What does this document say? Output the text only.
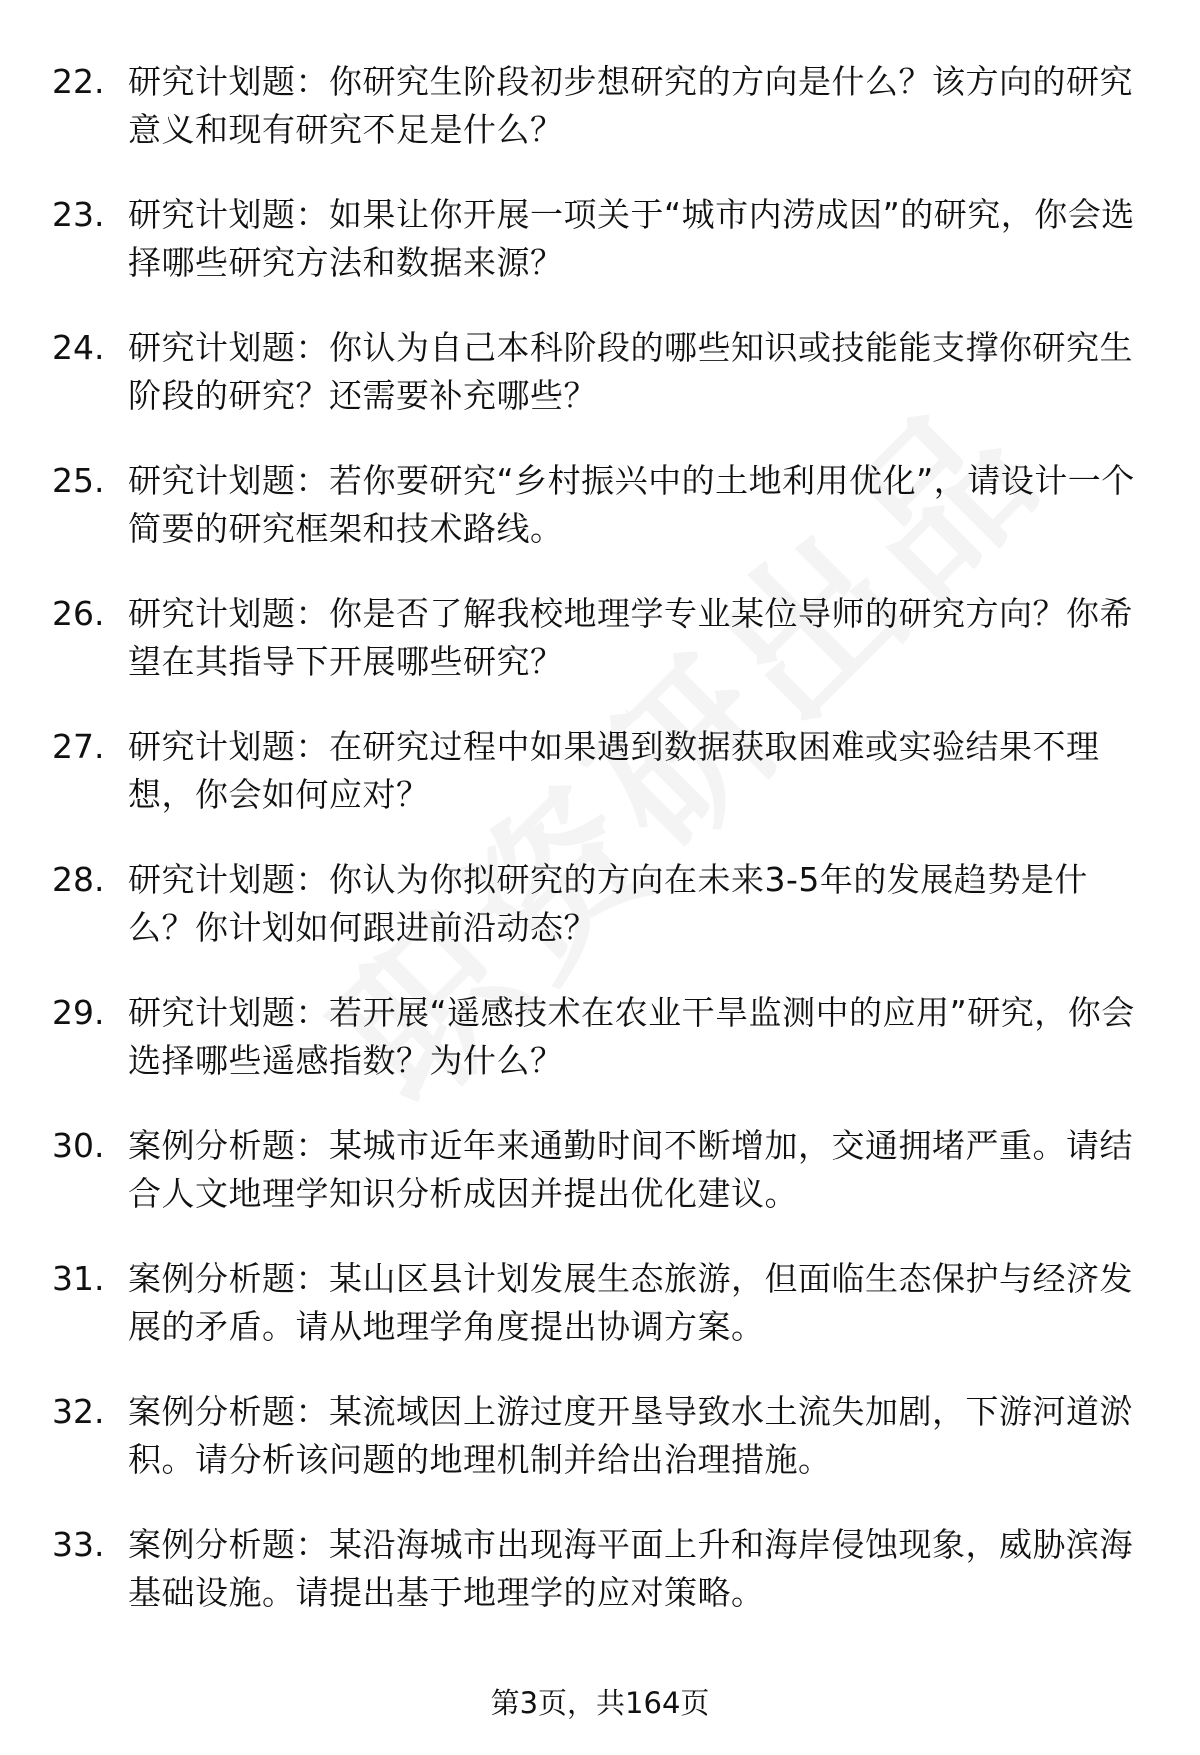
22. 研究计划题：你研究生阶段初步想研究的方向是什么？该方向的研究意义和现有研究不足是什么？
23. 研究计划题：如果让你开展一项关于“城市内涝成因”的研究，你会选择哪些研究方法和数据来源？
24. 研究计划题：你认为自己本科阶段的哪些知识或技能能支撑你研究生阶段的研究？还需要补充哪些？
25. 研究计划题：若你要研究“乡村振兴中的土地利用优化”，请设计一个简要的研究框架和技术路线。
26. 研究计划题：你是否了解我校地理学专业某位导师的研究方向？你希望在其指导下开展哪些研究？
27. 研究计划题：在研究过程中如果遇到数据获取困难或实验结果不理想，你会如何应对？
28. 研究计划题：你认为你拟研究的方向在未来3-5年的发展趋势是什么？你计划如何跟进前沿动态？
29. 研究计划题：若开展“遥感技术在农业干旱监测中的应用”研究，你会选择哪些遥感指数？为什么？
30. 案例分析题：某城市近年来通勤时间不断增加，交通拥堵严重。请结合人文地理学知识分析成因并提出优化建议。
31. 案例分析题：某山区县计划发展生态旅游，但面临生态保护与经济发展的矛盾。请从地理学角度提出协调方案。
32. 案例分析题：某流域因上游过度开垦导致水土流失加剧，下游河道淤积。请分析该问题的地理机制并给出治理措施。
33. 案例分析题：某沿海城市出现海平面上升和海岸侵蚀现象，威胁滨海基础设施。请提出基于地理学的应对策略。
第3页，共164页
